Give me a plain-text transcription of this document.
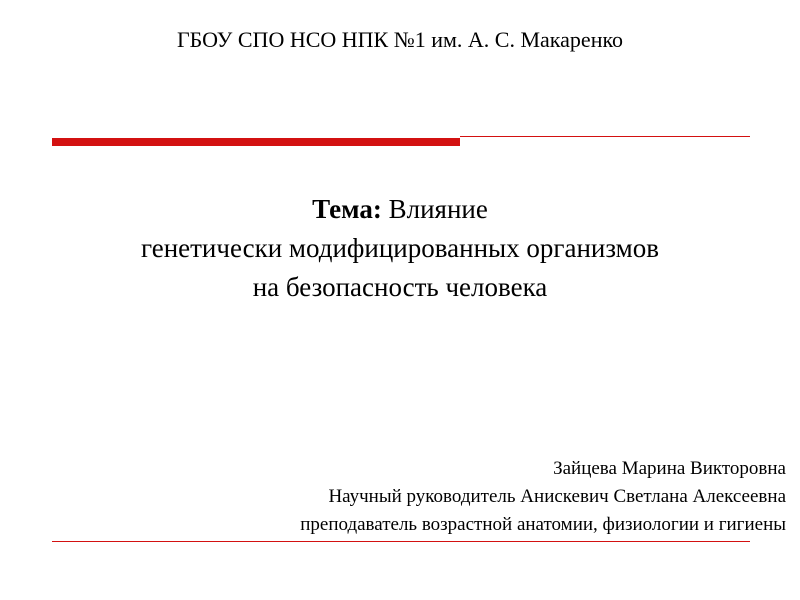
ГБОУ СПО НСО НПК №1 им. А. С. Макаренко
Тема: Влияние
генетически модифицированных организмов
на безопасность человека
Зайцева Марина Викторовна
Научный руководитель Анискевич Светлана Алексеевна
преподаватель возрастной анатомии, физиологии и гигиены
